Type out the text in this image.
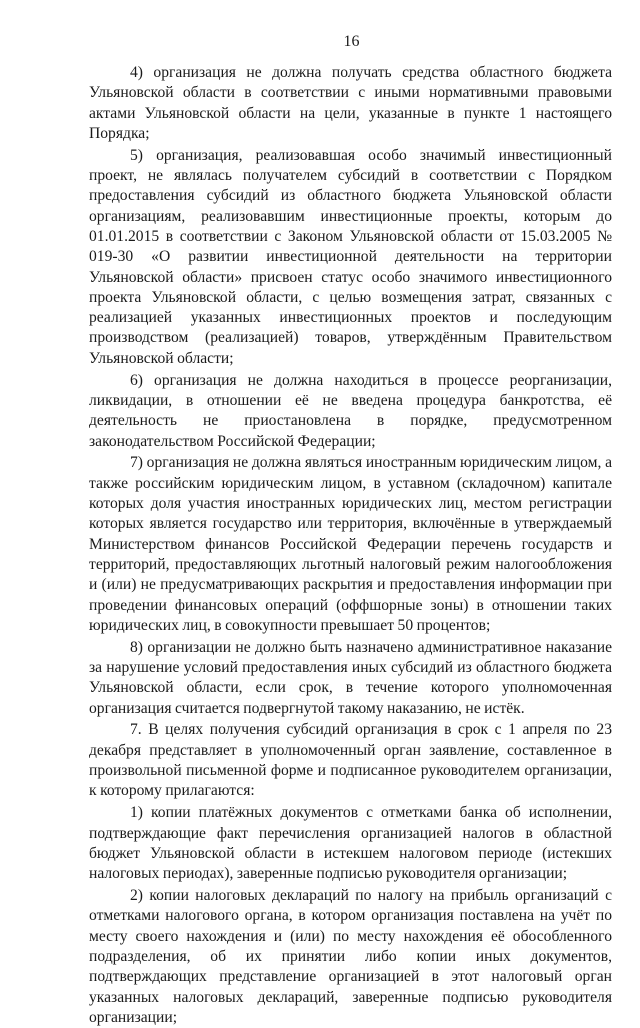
16

4) организация не должна получать средства областного бюджета Ульяновской области в соответствии с иными нормативными правовыми актами Ульяновской области на цели, указанные в пункте 1 настоящего Порядка;

5) организация, реализовавшая особо значимый инвестиционный проект, не являлась получателем субсидий в соответствии с Порядком предоставления субсидий из областного бюджета Ульяновской области организациям, реализовавшим инвестиционные проекты, которым до 01.01.2015 в соответствии с Законом Ульяновской области от 15.03.2005 № 019-30 «О развитии инвестиционной деятельности на территории Ульяновской области» присвоен статус особо значимого инвестиционного проекта Ульяновской области, с целью возмещения затрат, связанных с реализацией указанных инвестиционных проектов и последующим производством (реализацией) товаров, утверждённым Правительством Ульяновской области;

6) организация не должна находиться в процессе реорганизации, ликвидации, в отношении её не введена процедура банкротства, её деятельность не приостановлена в порядке, предусмотренном законодательством Российской Федерации;

7) организация не должна являться иностранным юридическим лицом, а также российским юридическим лицом, в уставном (складочном) капитале которых доля участия иностранных юридических лиц, местом регистрации которых является государство или территория, включённые в утверждаемый Министерством финансов Российской Федерации перечень государств и территорий, предоставляющих льготный налоговый режим налогообложения и (или) не предусматривающих раскрытия и предоставления информации при проведении финансовых операций (оффшорные зоны) в отношении таких юридических лиц, в совокупности превышает 50 процентов;

8) организации не должно быть назначено административное наказание за нарушение условий предоставления иных субсидий из областного бюджета Ульяновской области, если срок, в течение которого уполномоченная организация считается подвергнутой такому наказанию, не истёк.

7. В целях получения субсидий организация в срок с 1 апреля по 23 декабря представляет в уполномоченный орган заявление, составленное в произвольной письменной форме и подписанное руководителем организации, к которому прилагаются:

1) копии платёжных документов с отметками банка об исполнении, подтверждающие факт перечисления организацией налогов в областной бюджет Ульяновской области в истекшем налоговом периоде (истекших налоговых периодах), заверенные подписью руководителя организации;

2) копии налоговых деклараций по налогу на прибыль организаций с отметками налогового органа, в котором организация поставлена на учёт по месту своего нахождения и (или) по месту нахождения её обособленного подразделения, об их принятии либо копии иных документов, подтверждающих представление организацией в этот налоговый орган указанных налоговых деклараций, заверенные подписью руководителя организации;
